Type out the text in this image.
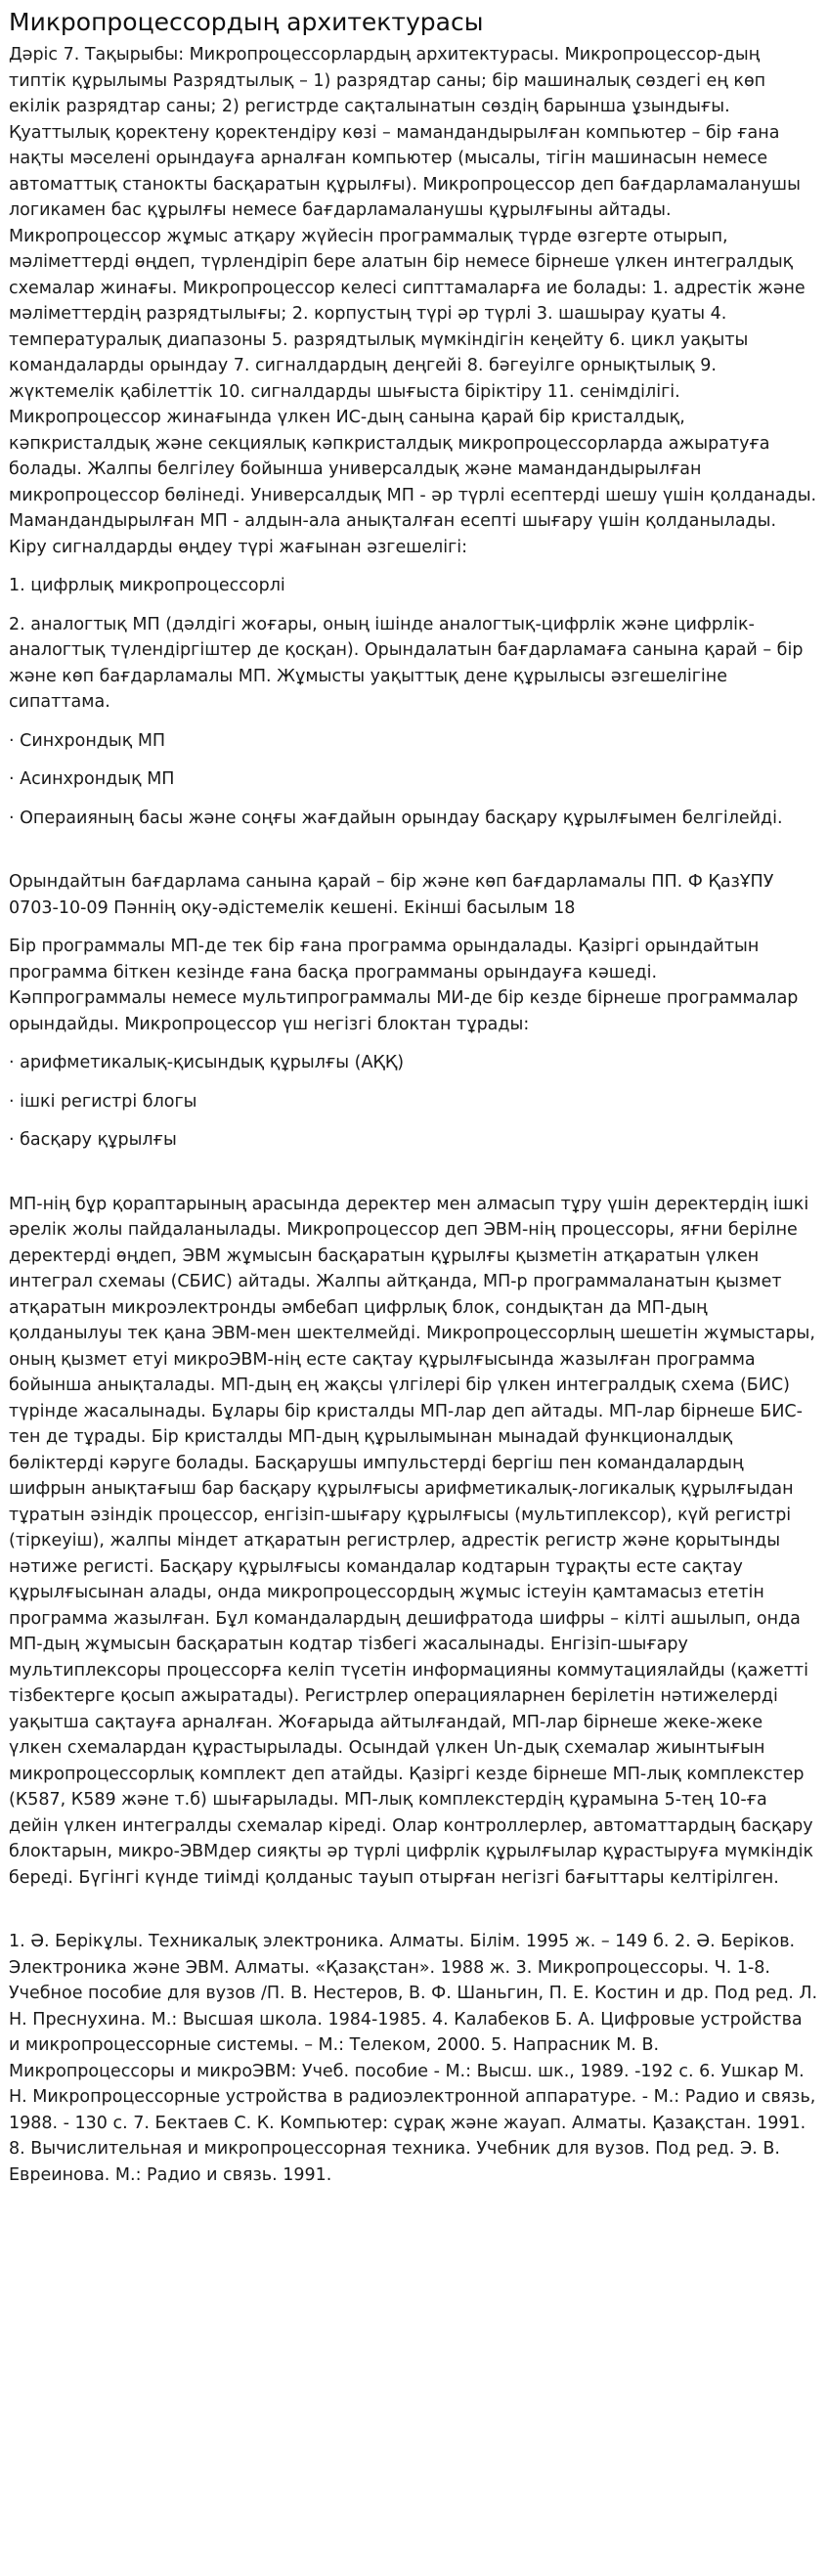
Микропроцессордың архитектурасы

Дәріс 7. Тақырыбы: Микропроцессорлардың архитектурасы. Микропроцессор-дың типтік құрылымы Разрядтылық – 1) разрядтар саны; бір машиналық сөздегі ең көп екілік разрядтар саны; 2) регистрде сақталынатын сөздің барынша ұзындығы. Қуаттылық қоректену қоректендіру көзі – мамандандырылған компьютер – бір ғана нақты мәселені орындауға арналған компьютер (мысалы, тігін машинасын немесе автоматтық станокты басқаратын құрылғы). Микропроцессор деп бағдарламаланушы логикамен бас құрылғы немесе бағдарламаланушы құрылғыны айтады. Микропроцессор жұмыс атқару жүйесін программалық түрде өзгерте отырып, мәліметтерді өңдеп, түрлендіріп бере алатын бір немесе бірнеше үлкен интегралдық схемалар жинағы. Микропроцессор келесі сипттамаларға ие болады: 1. адрестік және мәліметтердің разрядтылығы; 2. корпустың түрі әр түрлі 3. шашырау қуаты 4. температуралық диапазоны 5. разрядтылық мүмкіндігін кеңейту 6. цикл уақыты командаларды орындау 7. сигналдардың деңгейі 8. бәгеуілге орнықтылық 9. жүктемелік қабілеттік 10. сигналдарды шығыста біріктіру 11. сенімділігі. Микропроцессор жинағында үлкен ИС-дың санына қарай бір кристалдық, кәпкристалдық және секциялық кәпкристалдық микропроцессорларда ажыратуға болады. Жалпы белгілеу бойынша универсалдық және мамандандырылған микропроцессор бөлінеді. Универсалдық МП - әр түрлі есептерді шешу үшін қолданады. Мамандандырылған МП - алдын-ала анықталған есепті шығару үшін қолданылады. Кіру сигналдарды өңдеу түрі жағынан әзгешелігі:

1. цифрлық микропроцессорлі

2. аналогтық МП (дәлдігі жоғары, оның ішінде аналогтық-цифрлік және цифрлік-аналогтық түлендіргіштер де қосқан). Орындалатын бағдарламаға санына қарай – бір және көп бағдарламалы МП. Жұмысты уақыттық дене құрылысы әзгешелігіне сипаттама.

· Синхрондық МП

· Асинхрондық МП

· Операияның басы және соңғы жағдайын орындау басқару құрылғымен белгілейді.

Орындайтын бағдарлама санына қарай – бір және көп бағдарламалы ПП. Ф ҚазҰПУ 0703-10-09 Пәннің оқу-әдістемелік кешені. Екінші басылым 18

Бір программалы МП-де тек бір ғана программа орындалады. Қазіргі орындайтын программа біткен кезінде ғана басқа программаны орындауға кәшеді. Кәппрограммалы немесе мультипрограммалы МИ-де бір кезде бірнеше программалар орындайды. Микропроцессор үш негізгі блоктан тұрады:

· арифметикалық-қисындық құрылғы (АҚҚ)

· ішкі регистрі блогы

· басқару құрылғы

МП-нің бұр қораптарының арасында деректер мен алмасып тұру үшін деректердің ішкі әрелік жолы пайдаланылады. Микропроцессор деп ЭВМ-нің процессоры, яғни берілне деректерді өңдеп, ЭВМ жұмысын басқаратын құрылғы қызметін атқаратын үлкен интеграл схемаы (СБИС) айтады. Жалпы айтқанда, МП-р программаланатын қызмет атқаратын микроэлектронды әмбебап цифрлық блок, сондықтан да МП-дың қолданылуы тек қана ЭВМ-мен шектелмейді. Микропроцессорлың шешетін жұмыстары, оның қызмет етуі микроЭВМ-нің есте сақтау құрылғысында жазылған программа бойынша анықталады. МП-дың ең жақсы үлгілері бір үлкен интегралдық схема (БИС) түрінде жасалынады. Бұлары бір кристалды МП-лар деп айтады. МП-лар бірнеше БИС-тен де тұрады. Бір кристалды МП-дың құрылымынан мынадай функционалдық бөліктерді кәруге болады. Басқарушы импульстерді бергіш пен командалардың шифрын анықтағыш бар басқару құрылғысы арифметикалық-логикалық құрылғыдан тұратын әзіндік процессор, енгізіп-шығару құрылғысы (мультиплексор), күй регистрі (тіркеуіш), жалпы міндет атқаратын регистрлер, адрестік регистр және қорытынды нәтиже регисті. Басқару құрылғысы командалар кодтарын тұрақты есте сақтау құрылғысынан алады, онда микропроцессордың жұмыс істеуін қамтамасыз ететін программа жазылған. Бұл командалардың дешифратода шифры – кілті ашылып, онда МП-дың жұмысын басқаратын кодтар тізбегі жасалынады. Енгізіп-шығару мультиплексоры процессорға келіп түсетін информацияны коммутациялайды (қажетті тізбектерге қосып ажыратады). Регистрлер операцияларнен берілетін нәтижелерді уақытша сақтауға арналған. Жоғарыда айтылғандай, МП-лар бірнеше жеке-жеке үлкен схемалардан құрастырылады. Осындай үлкен Un-дық схемалар жиынтығын микропроцессорлық комплект деп атайды. Қазіргі кезде бірнеше МП-лық комплекстер (К587, К589 және т.б) шығарылады. МП-лық комплекстердің құрамына 5-тең 10-ға дейін үлкен интегралды схемалар кіреді. Олар контроллерлер, автоматтардың басқару блоктарын, микро-ЭВМдер сияқты әр түрлі цифрлік құрылғылар құрастыруға мүмкіндік береді. Бүгінгі күнде тиімді қолданыс тауып отырған негізгі бағыттары келтірілген.

1. Ә. Берікұлы. Техникалық электроника. Алматы. Білім. 1995 ж. – 149 б. 2. Ә. Беріков. Электроника және ЭВМ. Алматы. «Қазақстан». 1988 ж. 3. Микропроцессоры. Ч. 1-8. Учебное пособие для вузов /П. В. Нестеров, В. Ф. Шаньгин, П. Е. Костин и др. Под ред. Л. Н. Преснухина. М.: Высшая школа. 1984-1985. 4. Калабеков Б. А. Цифровые устройства и микропроцессорные системы. – М.: Телеком, 2000. 5. Напрасник М. В. Микропроцессоры и микроЭВМ: Учеб. пособие - М.: Высш. шк., 1989. -192 с. 6. Ушкар М. Н. Микропроцессорные устройства в радиоэлектронной аппаратуре. - М.: Радио и связь, 1988. - 130 с. 7. Бектаев С. К. Компьютер: сұрақ және жауап. Алматы. Қазақстан. 1991. 8. Вычислительная и микропроцессорная техника. Учебник для вузов. Под ред. Э. В. Евреинова. М.: Радио и связь. 1991.
